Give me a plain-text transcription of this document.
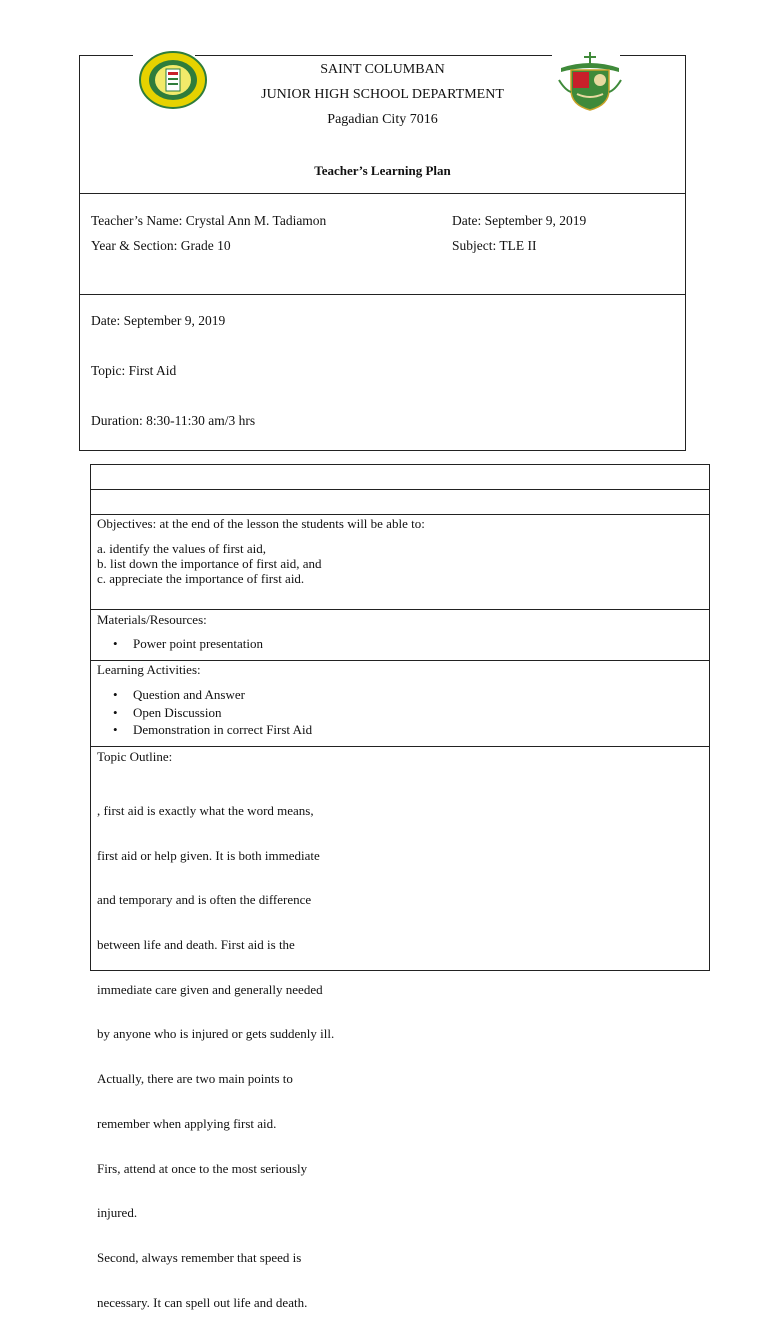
SAINT COLUMBAN
JUNIOR HIGH SCHOOL DEPARTMENT
Pagadian City 7016
Teacher’s Learning Plan
Teacher’s Name: Crystal Ann M. Tadiamon	Date: September 9, 2019
Year & Section: Grade 10	Subject: TLE II
Date: September 9, 2019
Topic: First Aid
Duration: 8:30-11:30 am/3 hrs
Objectives: at the end of the lesson the students will be able to:
a. identify the values of first aid,
b. list down the importance of first aid, and
c. appreciate the importance of first aid.
Materials/Resources:
• Power point presentation
Learning Activities:
• Question and Answer
• Open Discussion
• Demonstration in correct First Aid
Topic Outline:

, first aid is exactly what the word means,

first aid or help given. It is both immediate

and temporary and is often the difference

between life and death. First aid is the

immediate care given and generally needed

by anyone who is injured or gets suddenly ill.

Actually, there are two main points to

remember when applying first aid.

Firs, attend at once to the most seriously

injured.

Second, always remember that speed is

necessary. It can spell out life and death.
